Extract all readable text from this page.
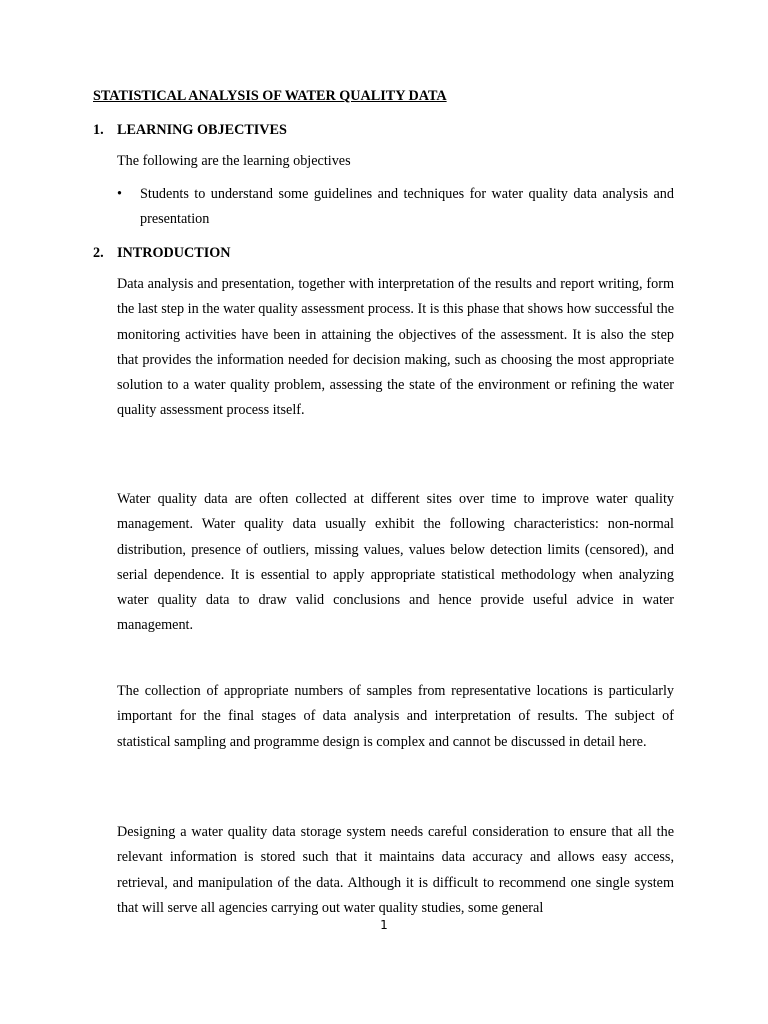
STATISTICAL ANALYSIS OF WATER QUALITY DATA
1. LEARNING OBJECTIVES
The following are the learning objectives
• Students to understand some guidelines and techniques for water quality data analysis and presentation
2. INTRODUCTION
Data analysis and presentation, together with interpretation of the results and report writing, form the last step in the water quality assessment process. It is this phase that shows how successful the monitoring activities have been in attaining the objectives of the assessment. It is also the step that provides the information needed for decision making, such as choosing the most appropriate solution to a water quality problem, assessing the state of the environment or refining the water quality assessment process itself.
Water quality data are often collected at different sites over time to improve water quality management. Water quality data usually exhibit the following characteristics: non-normal distribution, presence of outliers, missing values, values below detection limits (censored), and serial dependence. It is essential to apply appropriate statistical methodology when analyzing water quality data to draw valid conclusions and hence provide useful advice in water management.
The collection of appropriate numbers of samples from representative locations is particularly important for the final stages of data analysis and interpretation of results. The subject of statistical sampling and programme design is complex and cannot be discussed in detail here.
Designing a water quality data storage system needs careful consideration to ensure that all the relevant information is stored such that it maintains data accuracy and allows easy access, retrieval, and manipulation of the data. Although it is difficult to recommend one single system that will serve all agencies carrying out water quality studies, some general
1
